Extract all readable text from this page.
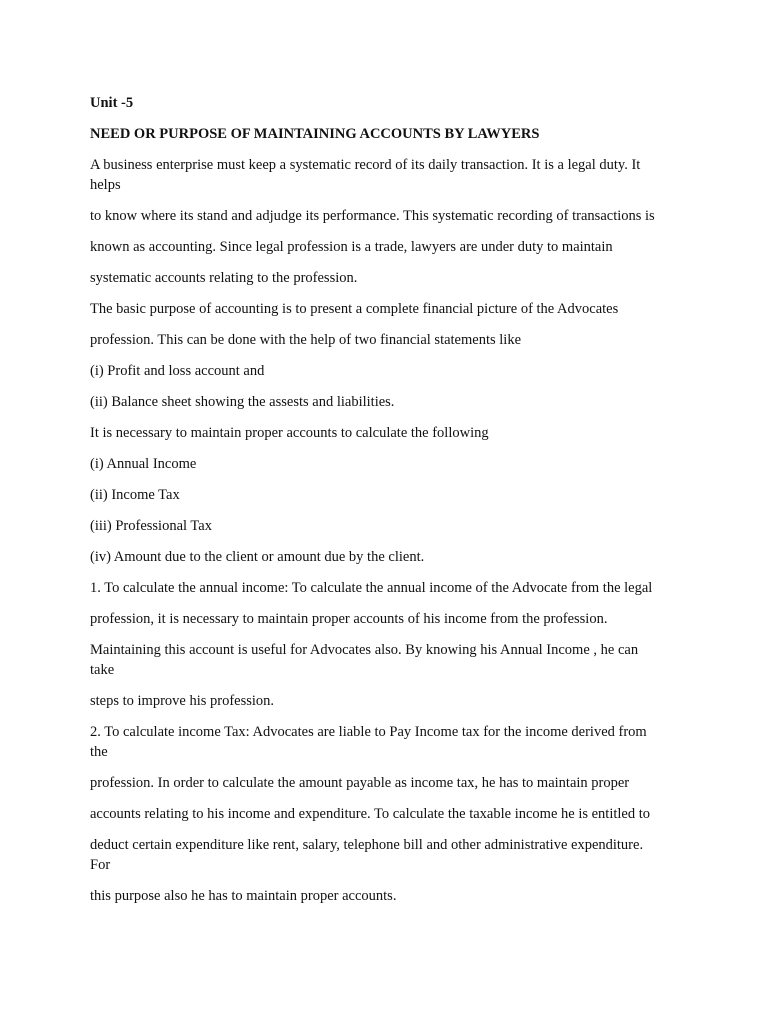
Unit -5
NEED OR PURPOSE OF MAINTAINING ACCOUNTS BY LAWYERS
A business enterprise must keep a systematic record of its daily transaction. It is a legal duty. It
helps
to know where its stand and adjudge its performance. This systematic recording of transactions is
known as accounting. Since legal profession is a trade, lawyers are under duty to maintain
systematic accounts relating to the profession.
The basic purpose of accounting is to present a complete financial picture of the Advocates
profession. This can be done with the help of two financial statements like
(i) Profit and loss account and
(ii) Balance sheet showing the assests and liabilities.
It is necessary to maintain proper accounts to calculate the following
(i) Annual Income
(ii) Income Tax
(iii) Professional Tax
(iv) Amount due to the client or amount due by the client.
1. To calculate the annual income: To calculate the annual income of the Advocate from the legal
profession, it is necessary to maintain proper accounts of his income from the profession.
Maintaining this account is useful for Advocates also. By knowing his Annual Income , he can
take
steps to improve his profession.
2. To calculate income Tax: Advocates are liable to Pay Income tax for the income derived from
the
profession. In order to calculate the amount payable as income tax, he has to maintain proper
accounts relating to his income and expenditure. To calculate the taxable income he is entitled to
deduct certain expenditure like rent, salary, telephone bill and other administrative expenditure.
For
this purpose also he has to maintain proper accounts.
